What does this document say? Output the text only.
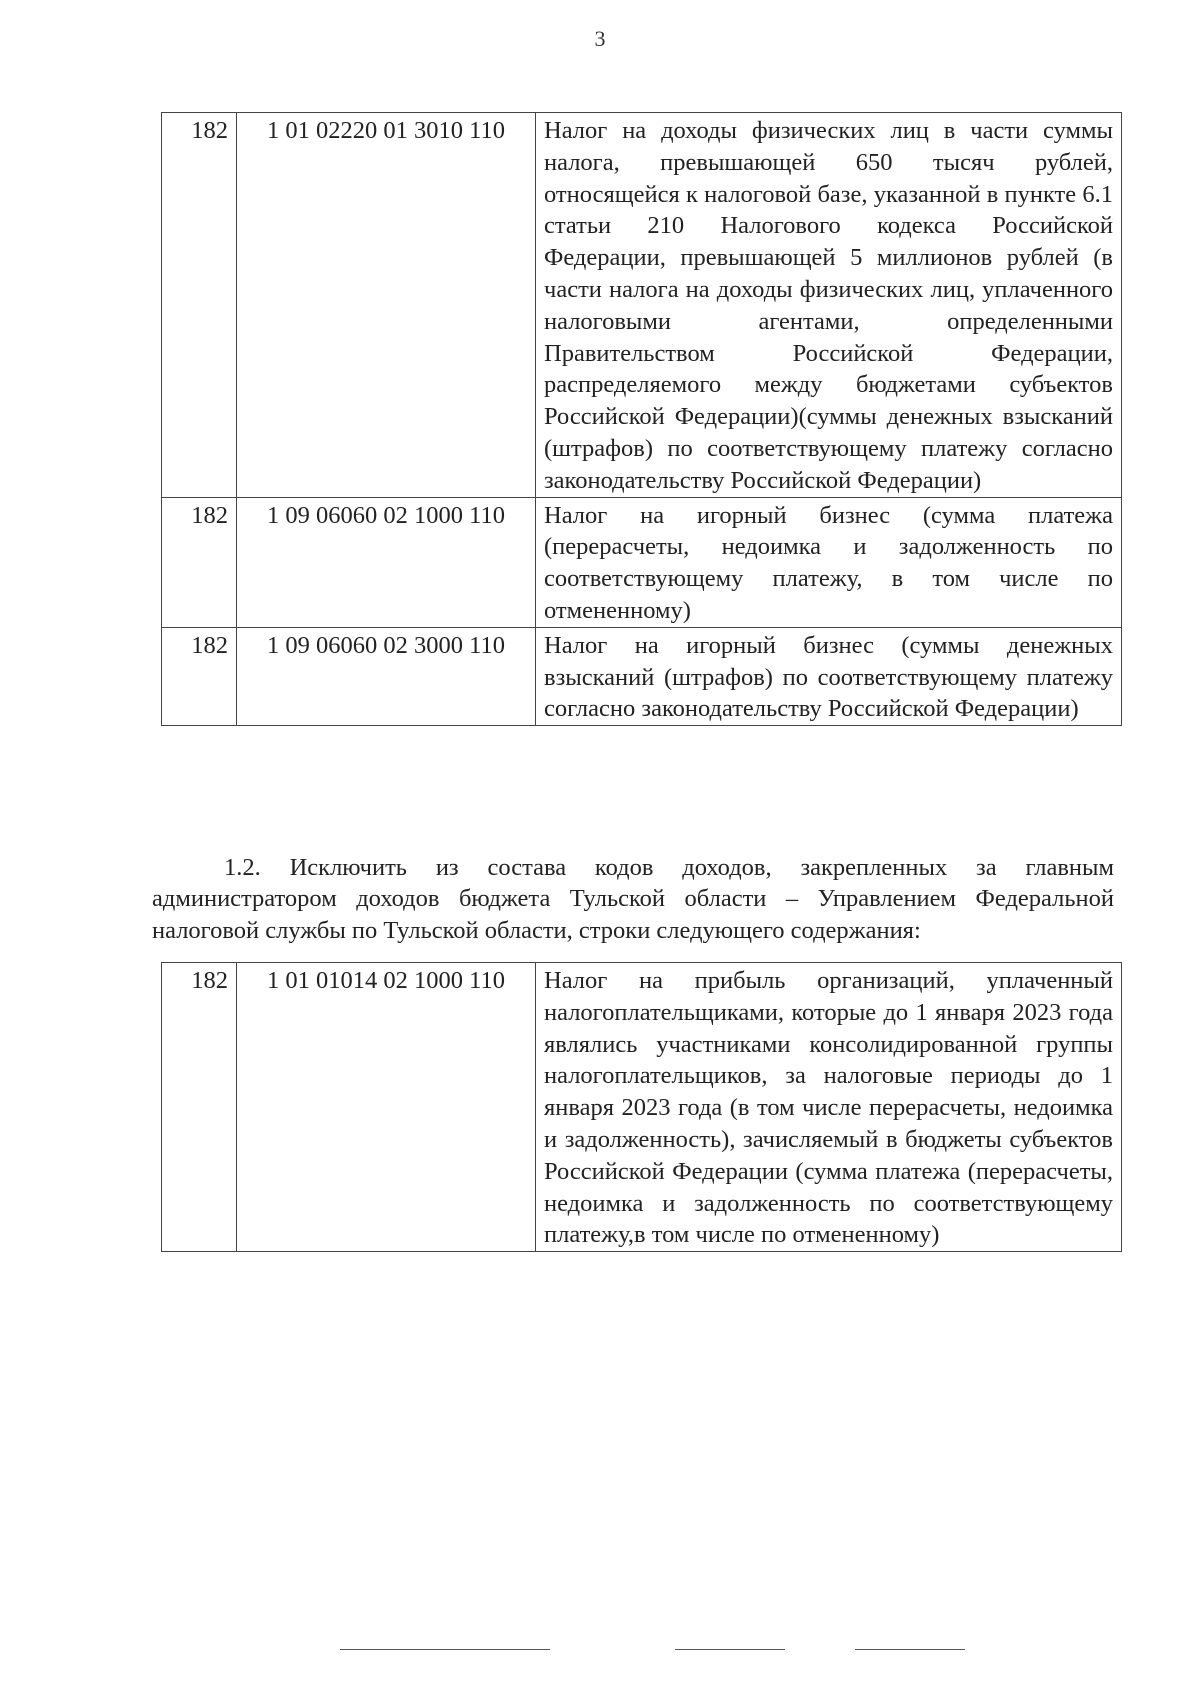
3
182	1 01 02220 01 3010 110	Налог на доходы физических лиц в части суммы налога, превышающей 650 тысяч рублей, относящейся к налоговой базе, указанной в пункте 6.1 статьи 210 Налогового кодекса Российской Федерации, превышающей 5 миллионов рублей (в части налога на доходы физических лиц, уплаченного налоговыми агентами, определенными Правительством Российской Федерации, распределяемого между бюджетами субъектов Российской Федерации)(суммы денежных взысканий (штрафов) по соответствующему платежу согласно законодательству Российской Федерации)
182	1 09 06060 02 1000 110	Налог на игорный бизнес (сумма платежа (перерасчеты, недоимка и задолженность по соответствующему платежу, в том числе по отмененному)
182	1 09 06060 02 3000 110	Налог на игорный бизнес (суммы денежных взысканий (штрафов) по соответствующему платежу согласно законодательству Российской Федерации)

1.2. Исключить из состава кодов доходов, закрепленных за главным администратором доходов бюджета Тульской области – Управлением Федеральной налоговой службы по Тульской области, строки следующего содержания:

182	1 01 01014 02 1000 110	Налог на прибыль организаций, уплаченный налогоплательщиками, которые до 1 января 2023 года являлись участниками консолидированной группы налогоплательщиков, за налоговые периоды до 1 января 2023 года (в том числе перерасчеты, недоимка и задолженность), зачисляемый в бюджеты субъектов Российской Федерации (сумма платежа (перерасчеты, недоимка и задолженность по соответствующему платежу,в том числе по отмененному)
